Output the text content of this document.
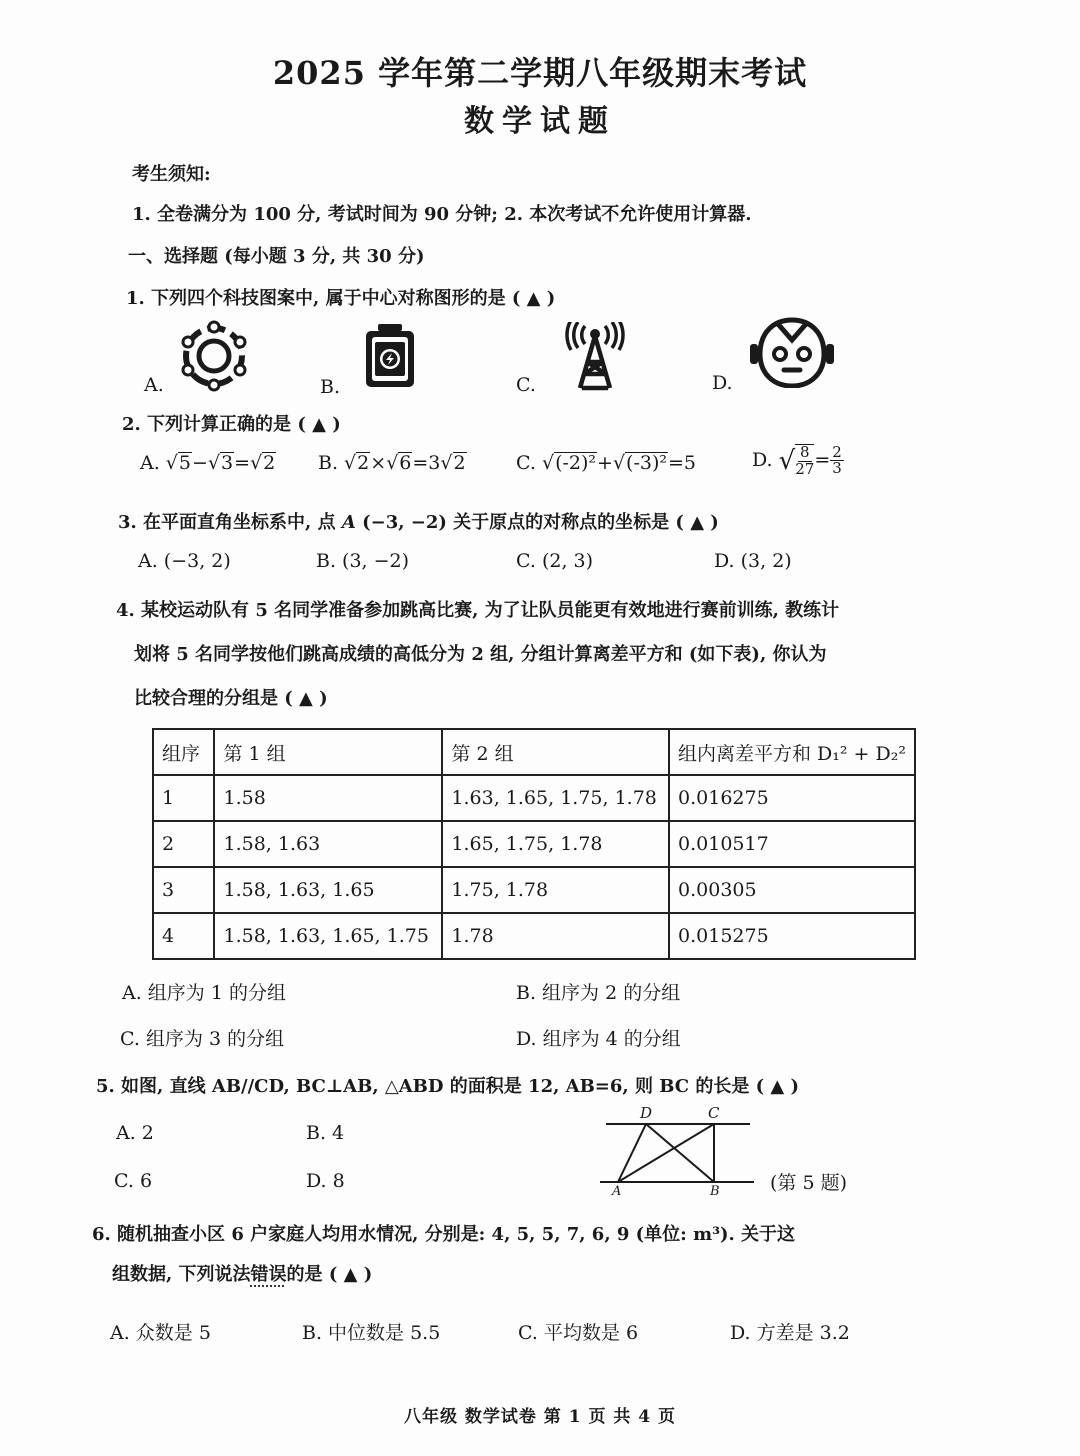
2025 学年第二学期八年级期末考试
数学试题
考生须知:
1. 全卷满分为 100 分, 考试时间为 90 分钟; 2. 本次考试不允许使用计算器.
一、选择题 (每小题 3 分, 共 30 分)
1. 下列四个科技图案中, 属于中心对称图形的是 ( ▲ )
A.	B.	C.	D.
2. 下列计算正确的是 ( ▲ )
A. √5−√3=√2 B. √2×√6=3√2	C. √(-2)²+√(-3)²=5	D. √ $\frac{8}{27} = \frac{2}{3}$
3. 在平面直角坐标系中, 点 A (−3, −2) 关于原点的对称点的坐标是 ( ▲ )
A. (−3, 2)	B. (3, −2)	C. (2, 3)	D. (3, 2)
4. 某校运动队有 5 名同学准备参加跳高比赛, 为了让队员能更有效地进行赛前训练, 教练计
划将 5 名同学按他们跳高成绩的高低分为 2 组, 分组计算离差平方和 (如下表), 你认为
比较合理的分组是 ( ▲ )
组序	第 1 组	第 2 组	组内离差平方和 D₁² + D₂²
1	1.58	1.63, 1.65, 1.75, 1.78	0.016275
2	1.58, 1.63	1.65, 1.75, 1.78	0.010517
3	1.58, 1.63, 1.65	1.75, 1.78	0.00305
4	1.58, 1.63, 1.65, 1.75	1.78	0.015275
A. 组序为 1 的分组	B. 组序为 2 的分组
C. 组序为 3 的分组	D. 组序为 4 的分组
5. 如图, 直线 AB//CD, BC⊥AB, △ABD 的面积是 12, AB=6, 则 BC 的长是 ( ▲ )
A. 2	B. 4
C. 6	D. 8
D	C
A	B	(第 5 题)
6. 随机抽查小区 6 户家庭人均用水情况, 分别是: 4, 5, 5, 7, 6, 9 (单位: m³). 关于这
组数据, 下列说法错误的是 ( ▲ )
A. 众数是 5	B. 中位数是 5.5	C. 平均数是 6	D. 方差是 3.2
八年级 数学试卷 第 1 页 共 4 页
